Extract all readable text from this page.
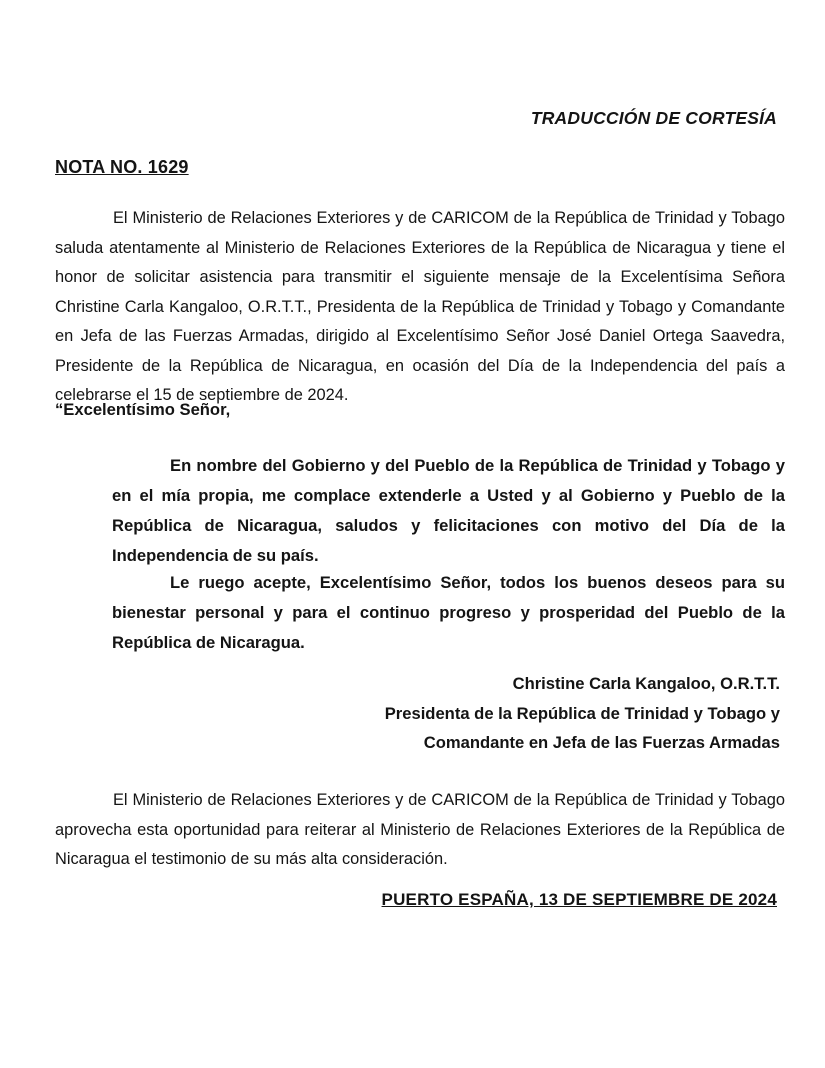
TRADUCCIÓN DE CORTESÍA
NOTA NO. 1629
El Ministerio de Relaciones Exteriores y de CARICOM de la República de Trinidad y Tobago saluda atentamente al Ministerio de Relaciones Exteriores de la República de Nicaragua y tiene el honor de solicitar asistencia para transmitir el siguiente mensaje de la Excelentísima Señora Christine Carla Kangaloo, O.R.T.T., Presidenta de la República de Trinidad y Tobago y Comandante en Jefa de las Fuerzas Armadas, dirigido al Excelentísimo Señor José Daniel Ortega Saavedra, Presidente de la República de Nicaragua, en ocasión del Día de la Independencia del país a celebrarse el 15 de septiembre de 2024.
“Excelentísimo Señor,
En nombre del Gobierno y del Pueblo de la República de Trinidad y Tobago y en el mía propia, me complace extenderle a Usted y al Gobierno y Pueblo de la República de Nicaragua, saludos y felicitaciones con motivo del Día de la Independencia de su país.
Le ruego acepte, Excelentísimo Señor, todos los buenos deseos para su bienestar personal y para el continuo progreso y prosperidad del Pueblo de la República de Nicaragua.
Christine Carla Kangaloo, O.R.T.T.
Presidenta de la República de Trinidad y Tobago y
Comandante en Jefa de las Fuerzas Armadas
El Ministerio de Relaciones Exteriores y de CARICOM de la República de Trinidad y Tobago aprovecha esta oportunidad para reiterar al Ministerio de Relaciones Exteriores de la República de Nicaragua el testimonio de su más alta consideración.
PUERTO ESPAÑA, 13 DE SEPTIEMBRE DE 2024
